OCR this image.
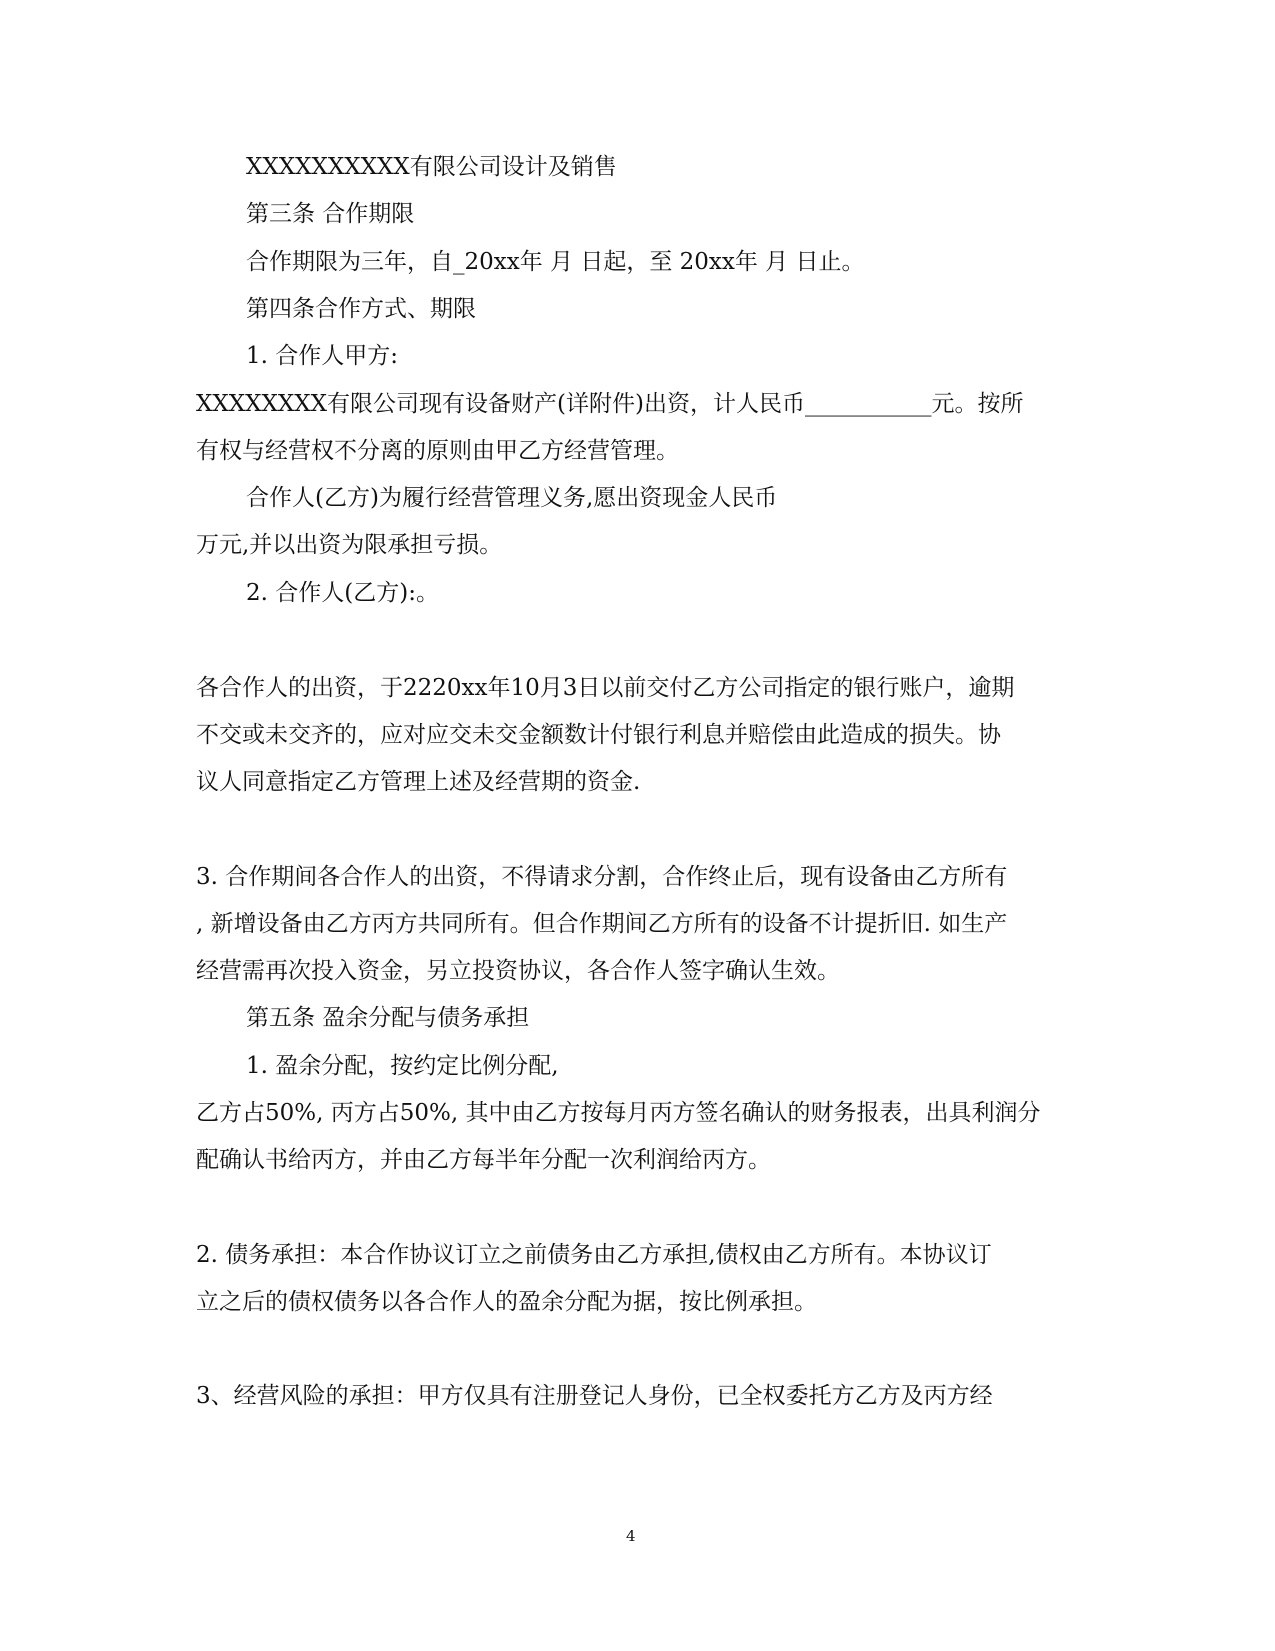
XXXXXXXXXX有限公司设计及销售
第三条 合作期限
合作期限为三年，自_20xx年 月 日起，至 20xx年 月 日止。
第四条合作方式、期限
1. 合作人甲方:
XXXXXXXX有限公司现有设备财产(详附件)出资，计人民币___________元。按所
有权与经营权不分离的原则由甲乙方经营管理。
合作人(乙方)为履行经营管理义务,愿出资现金人民币
万元,并以出资为限承担亏损。
2. 合作人(乙方):。
各合作人的出资，于2220xx年10月3日以前交付乙方公司指定的银行账户，逾期
不交或未交齐的，应对应交未交金额数计付银行利息并赔偿由此造成的损失。协
议人同意指定乙方管理上述及经营期的资金.
3. 合作期间各合作人的出资，不得请求分割，合作终止后，现有设备由乙方所有
, 新增设备由乙方丙方共同所有。但合作期间乙方所有的设备不计提折旧. 如生产
经营需再次投入资金，另立投资协议，各合作人签字确认生效。
第五条 盈余分配与债务承担
1. 盈余分配，按约定比例分配,
乙方占50%, 丙方占50%, 其中由乙方按每月丙方签名确认的财务报表，出具利润分
配确认书给丙方，并由乙方每半年分配一次利润给丙方。
2. 债务承担：本合作协议订立之前债务由乙方承担,债权由乙方所有。本协议订
立之后的债权债务以各合作人的盈余分配为据，按比例承担。
3、经营风险的承担：甲方仅具有注册登记人身份，已全权委托方乙方及丙方经
4
